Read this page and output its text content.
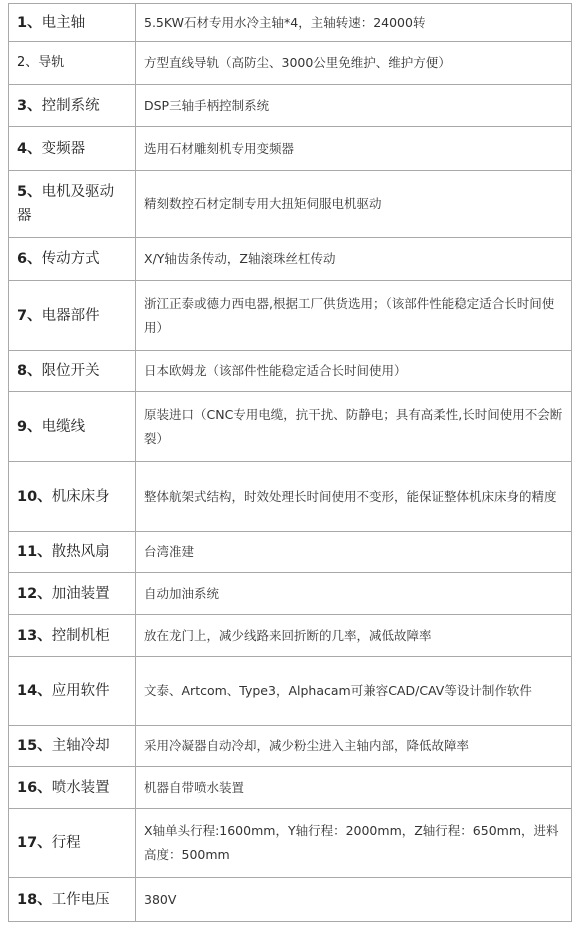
1、电主轴	5.5KW石材专用水冷主轴*4，主轴转速：24000转
2、导轨	方型直线导轨（高防尘、3000公里免维护、维护方便）
3、控制系统	DSP三轴手柄控制系统
4、变频器	选用石材雕刻机专用变频器
5、电机及驱动器	精刻数控石材定制专用大扭矩伺服电机驱动
6、传动方式	X/Y轴齿条传动，Z轴滚珠丝杠传动
7、电器部件	浙江正泰或德力西电器,根据工厂供货选用；（该部件性能稳定适合长时间使用）
8、限位开关	日本欧姆龙（该部件性能稳定适合长时间使用）
9、电缆线	原装进口（CNC专用电缆，抗干扰、防静电；具有高柔性,长时间使用不会断裂）
10、机床床身	整体航架式结构，时效处理长时间使用不变形，能保证整体机床床身的精度
11、散热风扇	台湾准建
12、加油装置	自动加油系统
13、控制机柜	放在龙门上，减少线路来回折断的几率，减低故障率
14、应用软件	文泰、Artcom、Type3，Alphacam可兼容CAD/CAV等设计制作软件
15、主轴冷却	采用冷凝器自动冷却，减少粉尘进入主轴内部，降低故障率
16、喷水装置	机器自带喷水装置
17、行程	X轴单头行程:1600mm，Y轴行程：2000mm，Z轴行程：650mm，进料高度：500mm
18、工作电压	380V
